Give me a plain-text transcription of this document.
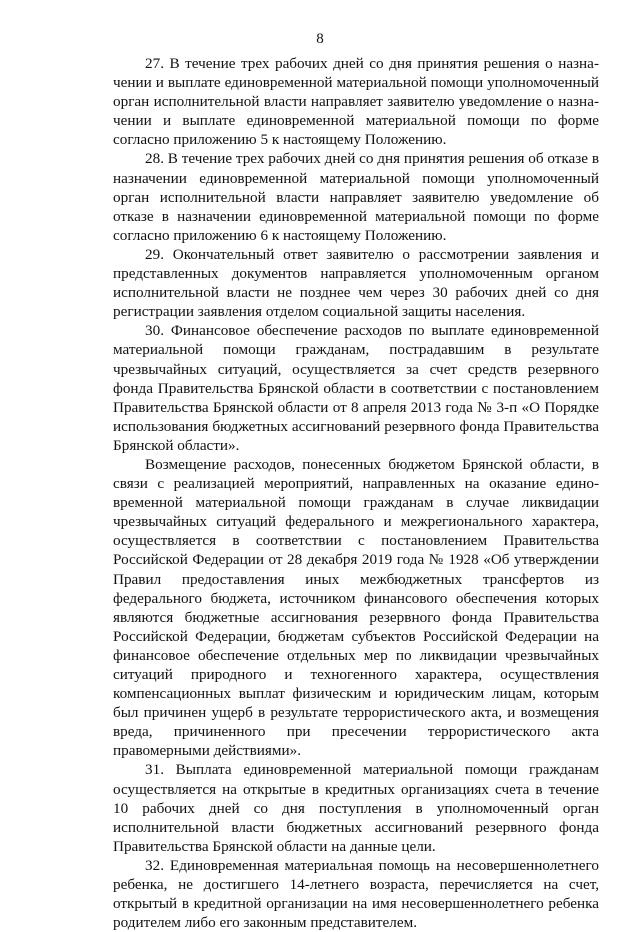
8

27. В течение трех рабочих дней со дня принятия решения о назначении и выплате единовременной материальной помощи уполномоченный орган исполнительной власти направляет заявителю уведомление о назначении и выплате единовременной материальной помощи по форме согласно приложению 5 к настоящему Положению.

28. В течение трех рабочих дней со дня принятия решения об отказе в назначении единовременной материальной помощи уполномоченный орган исполнительной власти направляет заявителю уведомление об отказе в назначении единовременной материальной помощи по форме согласно приложению 6 к настоящему Положению.

29. Окончательный ответ заявителю о рассмотрении заявления и представленных документов направляется уполномоченным органом исполнительной власти не позднее чем через 30 рабочих дней со дня регистрации заявления отделом социальной защиты населения.

30. Финансовое обеспечение расходов по выплате единовременной материальной помощи гражданам, пострадавшим в результате чрезвычайных ситуаций, осуществляется за счет средств резервного фонда Правительства Брянской области в соответствии с постановлением Правительства Брянской области от 8 апреля 2013 года № 3-п «О Порядке использования бюджетных ассигнований резервного фонда Правительства Брянской области».

Возмещение расходов, понесенных бюджетом Брянской области, в связи с реализацией мероприятий, направленных на оказание единовременной материальной помощи гражданам в случае ликвидации чрезвычайных ситуаций федерального и межрегионального характера, осуществляется в соответствии с постановлением Правительства Российской Федерации от 28 декабря 2019 года № 1928 «Об утверждении Правил предоставления иных межбюджетных трансфертов из федерального бюджета, источником финансового обеспечения которых являются бюджетные ассигнования резервного фонда Правительства Российской Федерации, бюджетам субъектов Российской Федерации на финансовое обеспечение отдельных мер по ликвидации чрезвычайных ситуаций природного и техногенного характера, осуществления компенсационных выплат физическим и юридическим лицам, которым был причинен ущерб в результате террористического акта, и возмещения вреда, причиненного при пресечении террористического акта правомерными действиями».

31. Выплата единовременной материальной помощи гражданам осуществляется на открытые в кредитных организациях счета в течение 10 рабочих дней со дня поступления в уполномоченный орган исполнительной власти бюджетных ассигнований резервного фонда Правительства Брянской области на данные цели.

32. Единовременная материальная помощь на несовершеннолетнего ребенка, не достигшего 14-летнего возраста, перечисляется на счет, открытый в кредитной организации на имя несовершеннолетнего ребенка родителем либо его законным представителем.
